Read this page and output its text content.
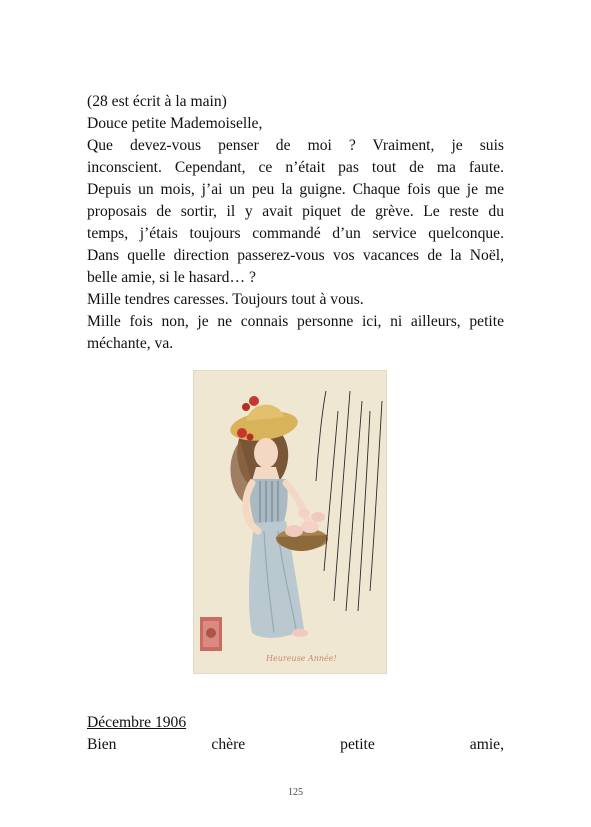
(28 est écrit à la main)
Douce petite Mademoiselle,
Que devez-vous penser de moi ? Vraiment, je suis
inconscient. Cependant, ce n’était pas tout de ma faute.
Depuis un mois, j’ai un peu la guigne. Chaque fois que je me
proposais de sortir, il y avait piquet de grève. Le reste du
temps, j’étais toujours commandé d’un service quelconque.
Dans quelle direction passerez-vous vos vacances de la Noël,
belle amie, si le hasard… ?
Mille tendres caresses. Toujours tout à vous.
Mille fois non, je ne connais personne ici, ni ailleurs, petite
méchante, va.
Heureuse Année!
Décembre 1906
Bien chère petite amie,
125
